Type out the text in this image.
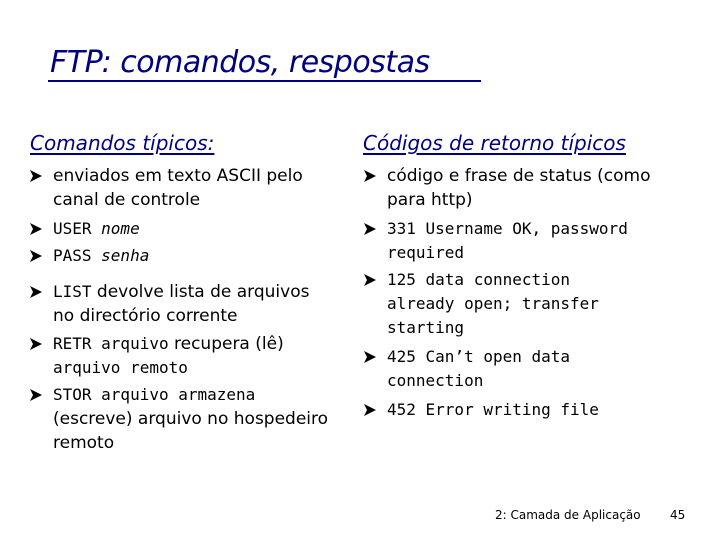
FTP: comandos, respostas
Comandos típicos:	Códigos de retorno típicos
enviados em texto ASCII pelo
canal de controle
USER nome
PASS senha
LIST devolve lista de arquivos
no directório corrente
RETR arquivo recupera (lê)
arquivo remoto
STOR arquivo armazena
(escreve) arquivo no hospedeiro
remoto
código e frase de status (como
para http)
331 Username OK, password
required
125 data connection
already open; transfer
starting
425 Can’t open data
connection
452 Error writing file
2: Camada de Aplicação 45
